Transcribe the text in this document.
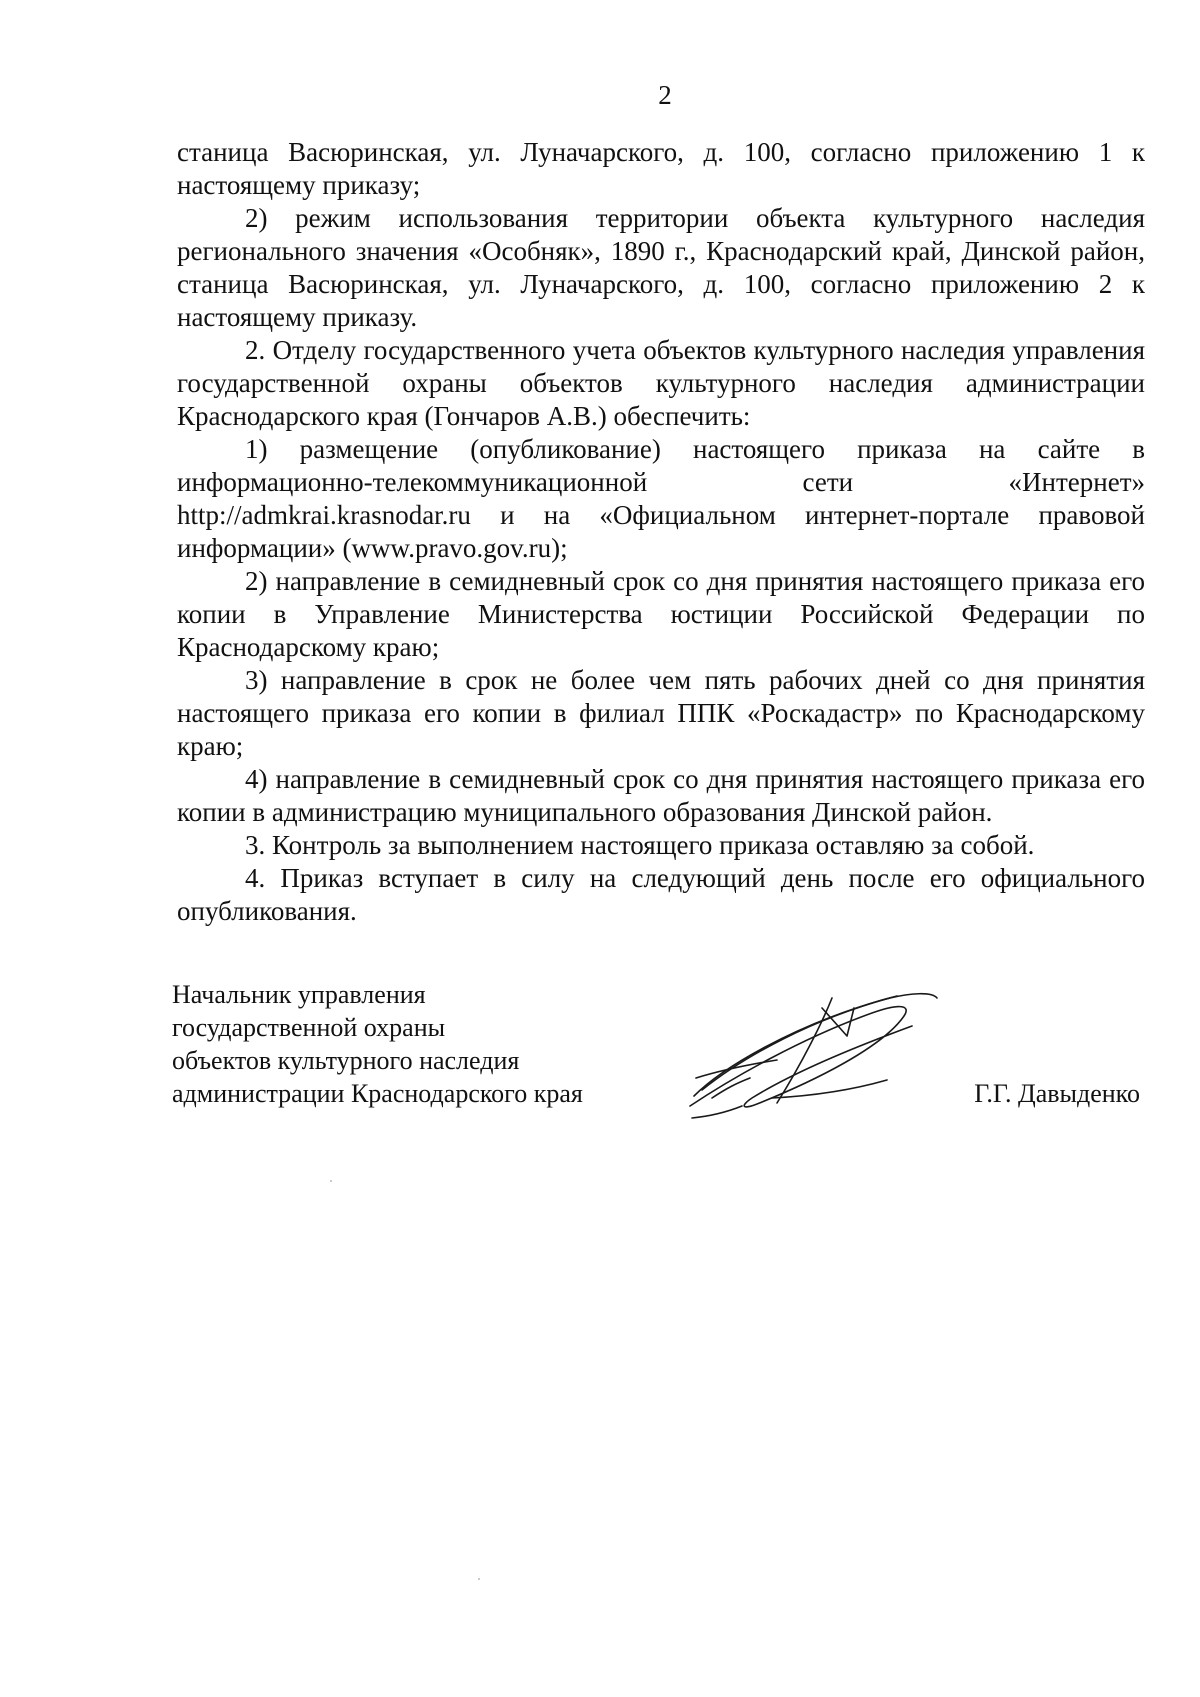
2

станица Васюринская, ул. Луначарского, д. 100, согласно приложению 1 к настоящему приказу;

2) режим использования территории объекта культурного наследия регионального значения «Особняк», 1890 г., Краснодарский край, Динской район, станица Васюринская, ул. Луначарского, д. 100, согласно приложению 2 к настоящему приказу.

2. Отделу государственного учета объектов культурного наследия управления государственной охраны объектов культурного наследия администрации Краснодарского края (Гончаров А.В.) обеспечить:

1) размещение (опубликование) настоящего приказа на сайте в информационно-телекоммуникационной сети «Интернет» http://admkrai.krasnodar.ru и на «Официальном интернет-портале правовой информации» (www.pravo.gov.ru);

2) направление в семидневный срок со дня принятия настоящего приказа его копии в Управление Министерства юстиции Российской Федерации по Краснодарскому краю;

3) направление в срок не более чем пять рабочих дней со дня принятия настоящего приказа его копии в филиал ППК «Роскадастр» по Краснодарскому краю;

4) направление в семидневный срок со дня принятия настоящего приказа его копии в администрацию муниципального образования Динской район.

3. Контроль за выполнением настоящего приказа оставляю за собой.

4. Приказ вступает в силу на следующий день после его официального опубликования.

Начальник управления
государственной охраны
объектов культурного наследия
администрации Краснодарского края	Г.Г. Давыденко
